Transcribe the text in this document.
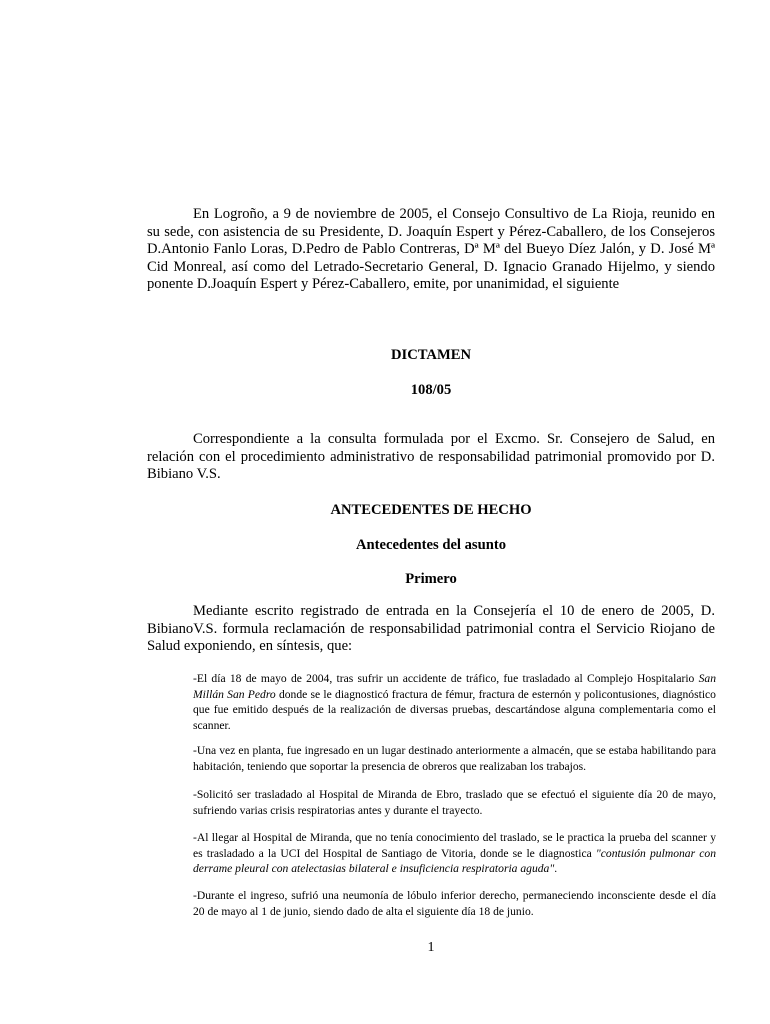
En Logroño, a 9 de noviembre de 2005, el Consejo Consultivo de La Rioja, reunido en su sede, con asistencia de su Presidente, D. Joaquín Espert y Pérez-Caballero, de los Consejeros D.Antonio Fanlo Loras, D.Pedro de Pablo Contreras, Dª Mª del Bueyo Díez Jalón, y D. José Mª Cid Monreal, así como del Letrado-Secretario General, D. Ignacio Granado Hijelmo, y siendo ponente D.Joaquín Espert y Pérez-Caballero, emite, por unanimidad, el siguiente

DICTAMEN
108/05

Correspondiente a la consulta formulada por el Excmo. Sr. Consejero de Salud, en relación con el procedimiento administrativo de responsabilidad patrimonial promovido por D. Bibiano V.S.

ANTECEDENTES DE HECHO
Antecedentes del asunto
Primero

Mediante escrito registrado de entrada en la Consejería el 10 de enero de 2005, D. BibianoV.S. formula reclamación de responsabilidad patrimonial contra el Servicio Riojano de Salud exponiendo, en síntesis, que:

-El día 18 de mayo de 2004, tras sufrir un accidente de tráfico, fue trasladado al Complejo Hospitalario San Millán San Pedro donde se le diagnosticó fractura de fémur, fractura de esternón y policontusiones, diagnóstico que fue emitido después de la realización de diversas pruebas, descartándose alguna complementaria como el scanner.

-Una vez en planta, fue ingresado en un lugar destinado anteriormente a almacén, que se estaba habilitando para habitación, teniendo que soportar la presencia de obreros que realizaban los trabajos.

-Solicitó ser trasladado al Hospital de Miranda de Ebro, traslado que se efectuó el siguiente día 20 de mayo, sufriendo varias crisis respiratorias antes y durante el trayecto.

-Al llegar al Hospital de Miranda, que no tenía conocimiento del traslado, se le practica la prueba del scanner y es trasladado a la UCI del Hospital de Santiago de Vitoria, donde se le diagnostica "contusión pulmonar con derrame pleural con atelectasias bilateral e insuficiencia respiratoria aguda".

-Durante el ingreso, sufrió una neumonía de lóbulo inferior derecho, permaneciendo inconsciente desde el día 20 de mayo al 1 de junio, siendo dado de alta el siguiente día 18 de junio.

1
